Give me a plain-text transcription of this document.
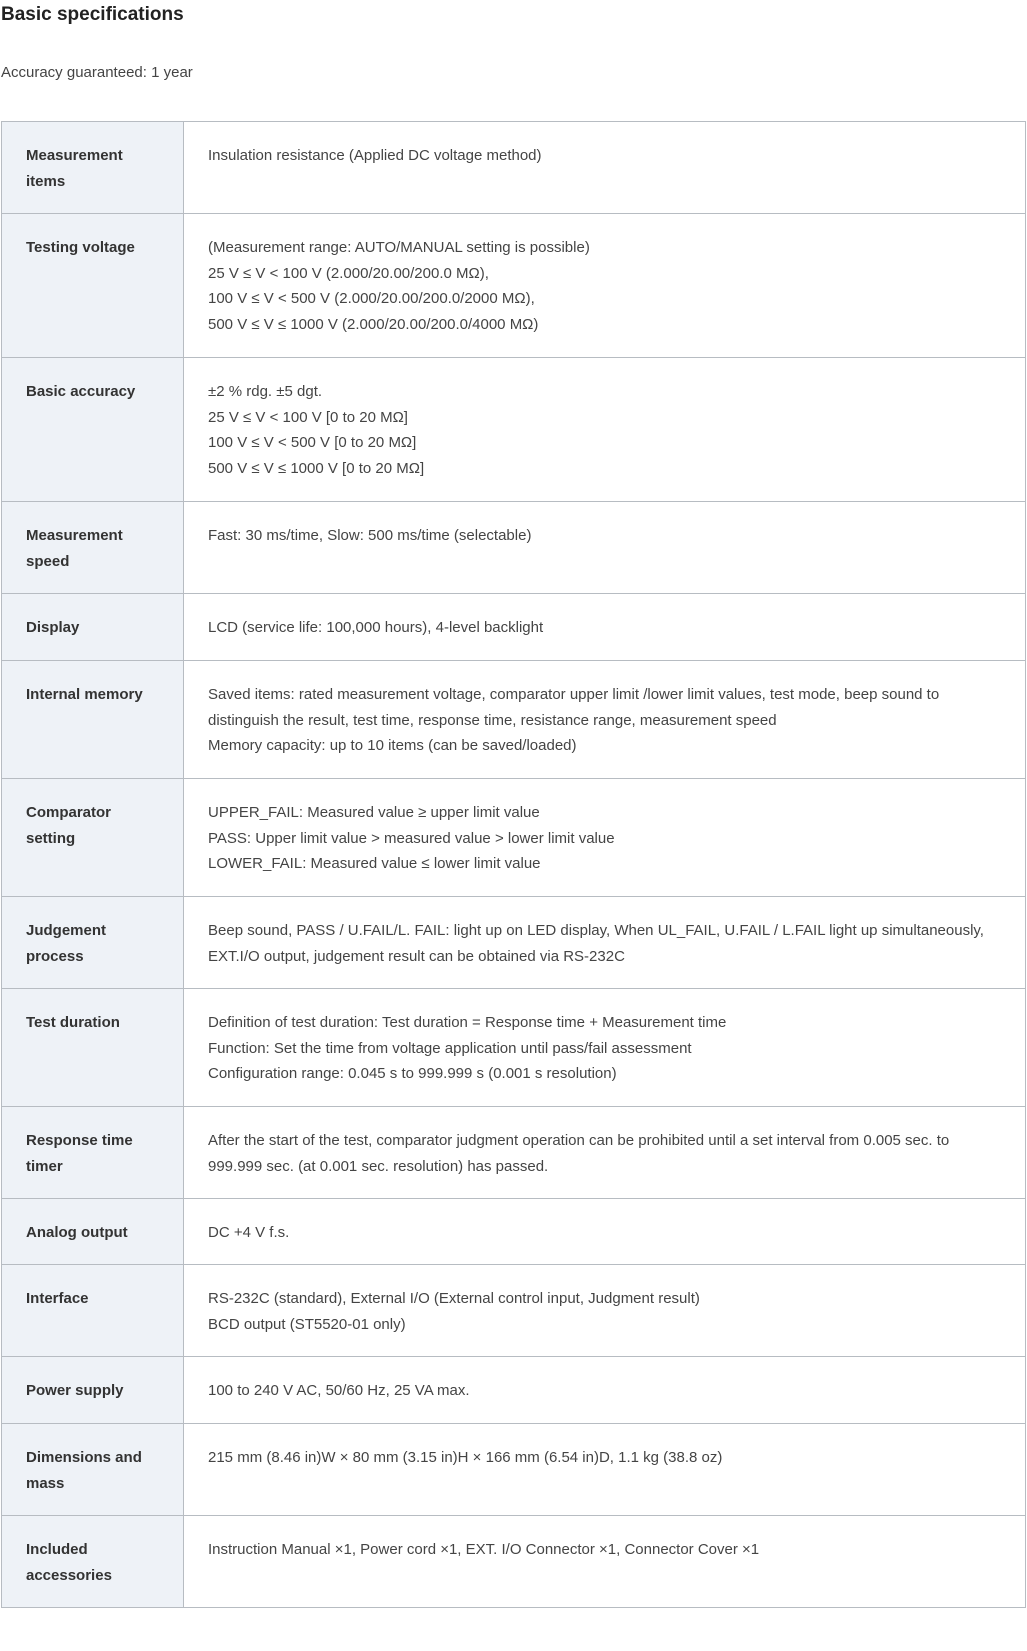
Basic specifications

Accuracy guaranteed: 1 year

Measurement items	Insulation resistance (Applied DC voltage method)

Testing voltage	(Measurement range: AUTO/MANUAL setting is possible)
25 V ≤ V < 100 V (2.000/20.00/200.0 MΩ),
100 V ≤ V < 500 V (2.000/20.00/200.0/2000 MΩ),
500 V ≤ V ≤ 1000 V (2.000/20.00/200.0/4000 MΩ)

Basic accuracy	±2 % rdg. ±5 dgt.
25 V ≤ V < 100 V [0 to 20 MΩ]
100 V ≤ V < 500 V [0 to 20 MΩ]
500 V ≤ V ≤ 1000 V [0 to 20 MΩ]

Measurement speed	Fast: 30 ms/time, Slow: 500 ms/time (selectable)

Display	LCD (service life: 100,000 hours), 4-level backlight

Internal memory	Saved items: rated measurement voltage, comparator upper limit /lower limit values, test mode, beep sound to distinguish the result, test time, response time, resistance range, measurement speed
Memory capacity: up to 10 items (can be saved/loaded)

Comparator setting	UPPER_FAIL: Measured value ≥ upper limit value
PASS: Upper limit value > measured value > lower limit value
LOWER_FAIL: Measured value ≤ lower limit value

Judgement process	Beep sound, PASS / U.FAIL/L. FAIL: light up on LED display, When UL_FAIL, U.FAIL / L.FAIL light up simultaneously, EXT.I/O output, judgement result can be obtained via RS-232C

Test duration	Definition of test duration: Test duration = Response time + Measurement time
Function: Set the time from voltage application until pass/fail assessment
Configuration range: 0.045 s to 999.999 s (0.001 s resolution)

Response time timer	After the start of the test, comparator judgment operation can be prohibited until a set interval from 0.005 sec. to 999.999 sec. (at 0.001 sec. resolution) has passed.

Analog output	DC +4 V f.s.

Interface	RS-232C (standard), External I/O (External control input, Judgment result)
BCD output (ST5520-01 only)

Power supply	100 to 240 V AC, 50/60 Hz, 25 VA max.

Dimensions and mass	215 mm (8.46 in)W × 80 mm (3.15 in)H × 166 mm (6.54 in)D, 1.1 kg (38.8 oz)

Included accessories	Instruction Manual ×1, Power cord ×1, EXT. I/O Connector ×1, Connector Cover ×1
